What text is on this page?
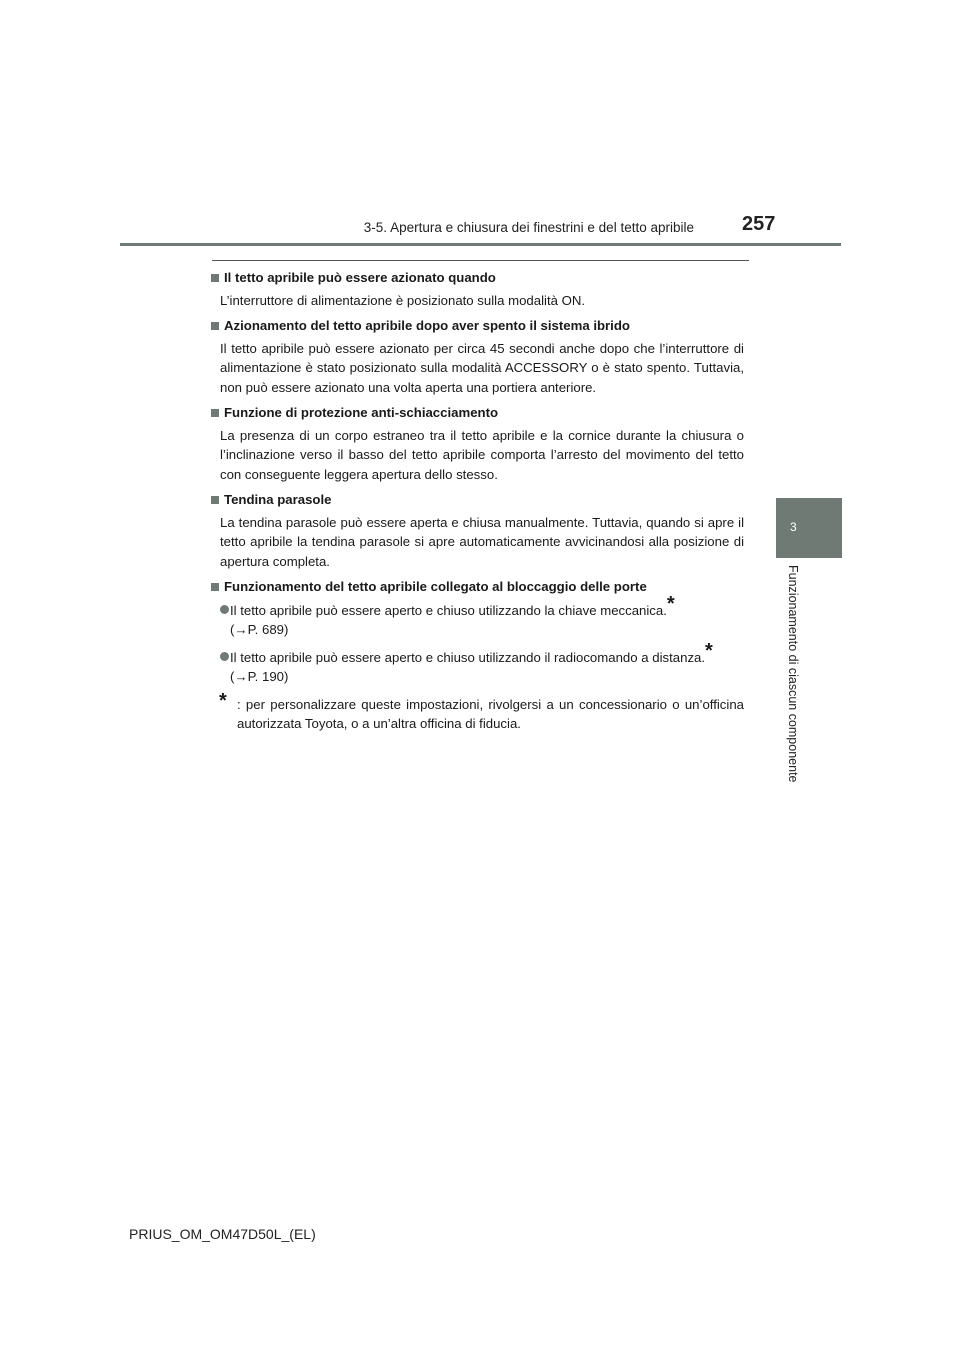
3-5. Apertura e chiusura dei finestrini e del tetto apribile 257
3
Funzionamento di ciascun componente
Il tetto apribile può essere azionato quando
L’interruttore di alimentazione è posizionato sulla modalità ON.
Azionamento del tetto apribile dopo aver spento il sistema ibrido
Il tetto apribile può essere azionato per circa 45 secondi anche dopo che l’interruttore di alimentazione è stato posizionato sulla modalità ACCESSORY o è stato spento. Tuttavia, non può essere azionato una volta aperta una portiera anteriore.
Funzione di protezione anti-schiacciamento
La presenza di un corpo estraneo tra il tetto apribile e la cornice durante la chiusura o l’inclinazione verso il basso del tetto apribile comporta l’arresto del movimento del tetto con conseguente leggera apertura dello stesso.
Tendina parasole
La tendina parasole può essere aperta e chiusa manualmente. Tuttavia, quando si apre il tetto apribile la tendina parasole si apre automaticamente avvicinandosi alla posizione di apertura completa.
Funzionamento del tetto apribile collegato al bloccaggio delle porte
Il tetto apribile può essere aperto e chiuso utilizzando la chiave meccanica.*
(→P. 689)
Il tetto apribile può essere aperto e chiuso utilizzando il radiocomando a distanza.*
(→P. 190)
* : per personalizzare queste impostazioni, rivolgersi a un concessionario o un’officina autorizzata Toyota, o a un’altra officina di fiducia.
PRIUS_OM_OM47D50L_(EL)
